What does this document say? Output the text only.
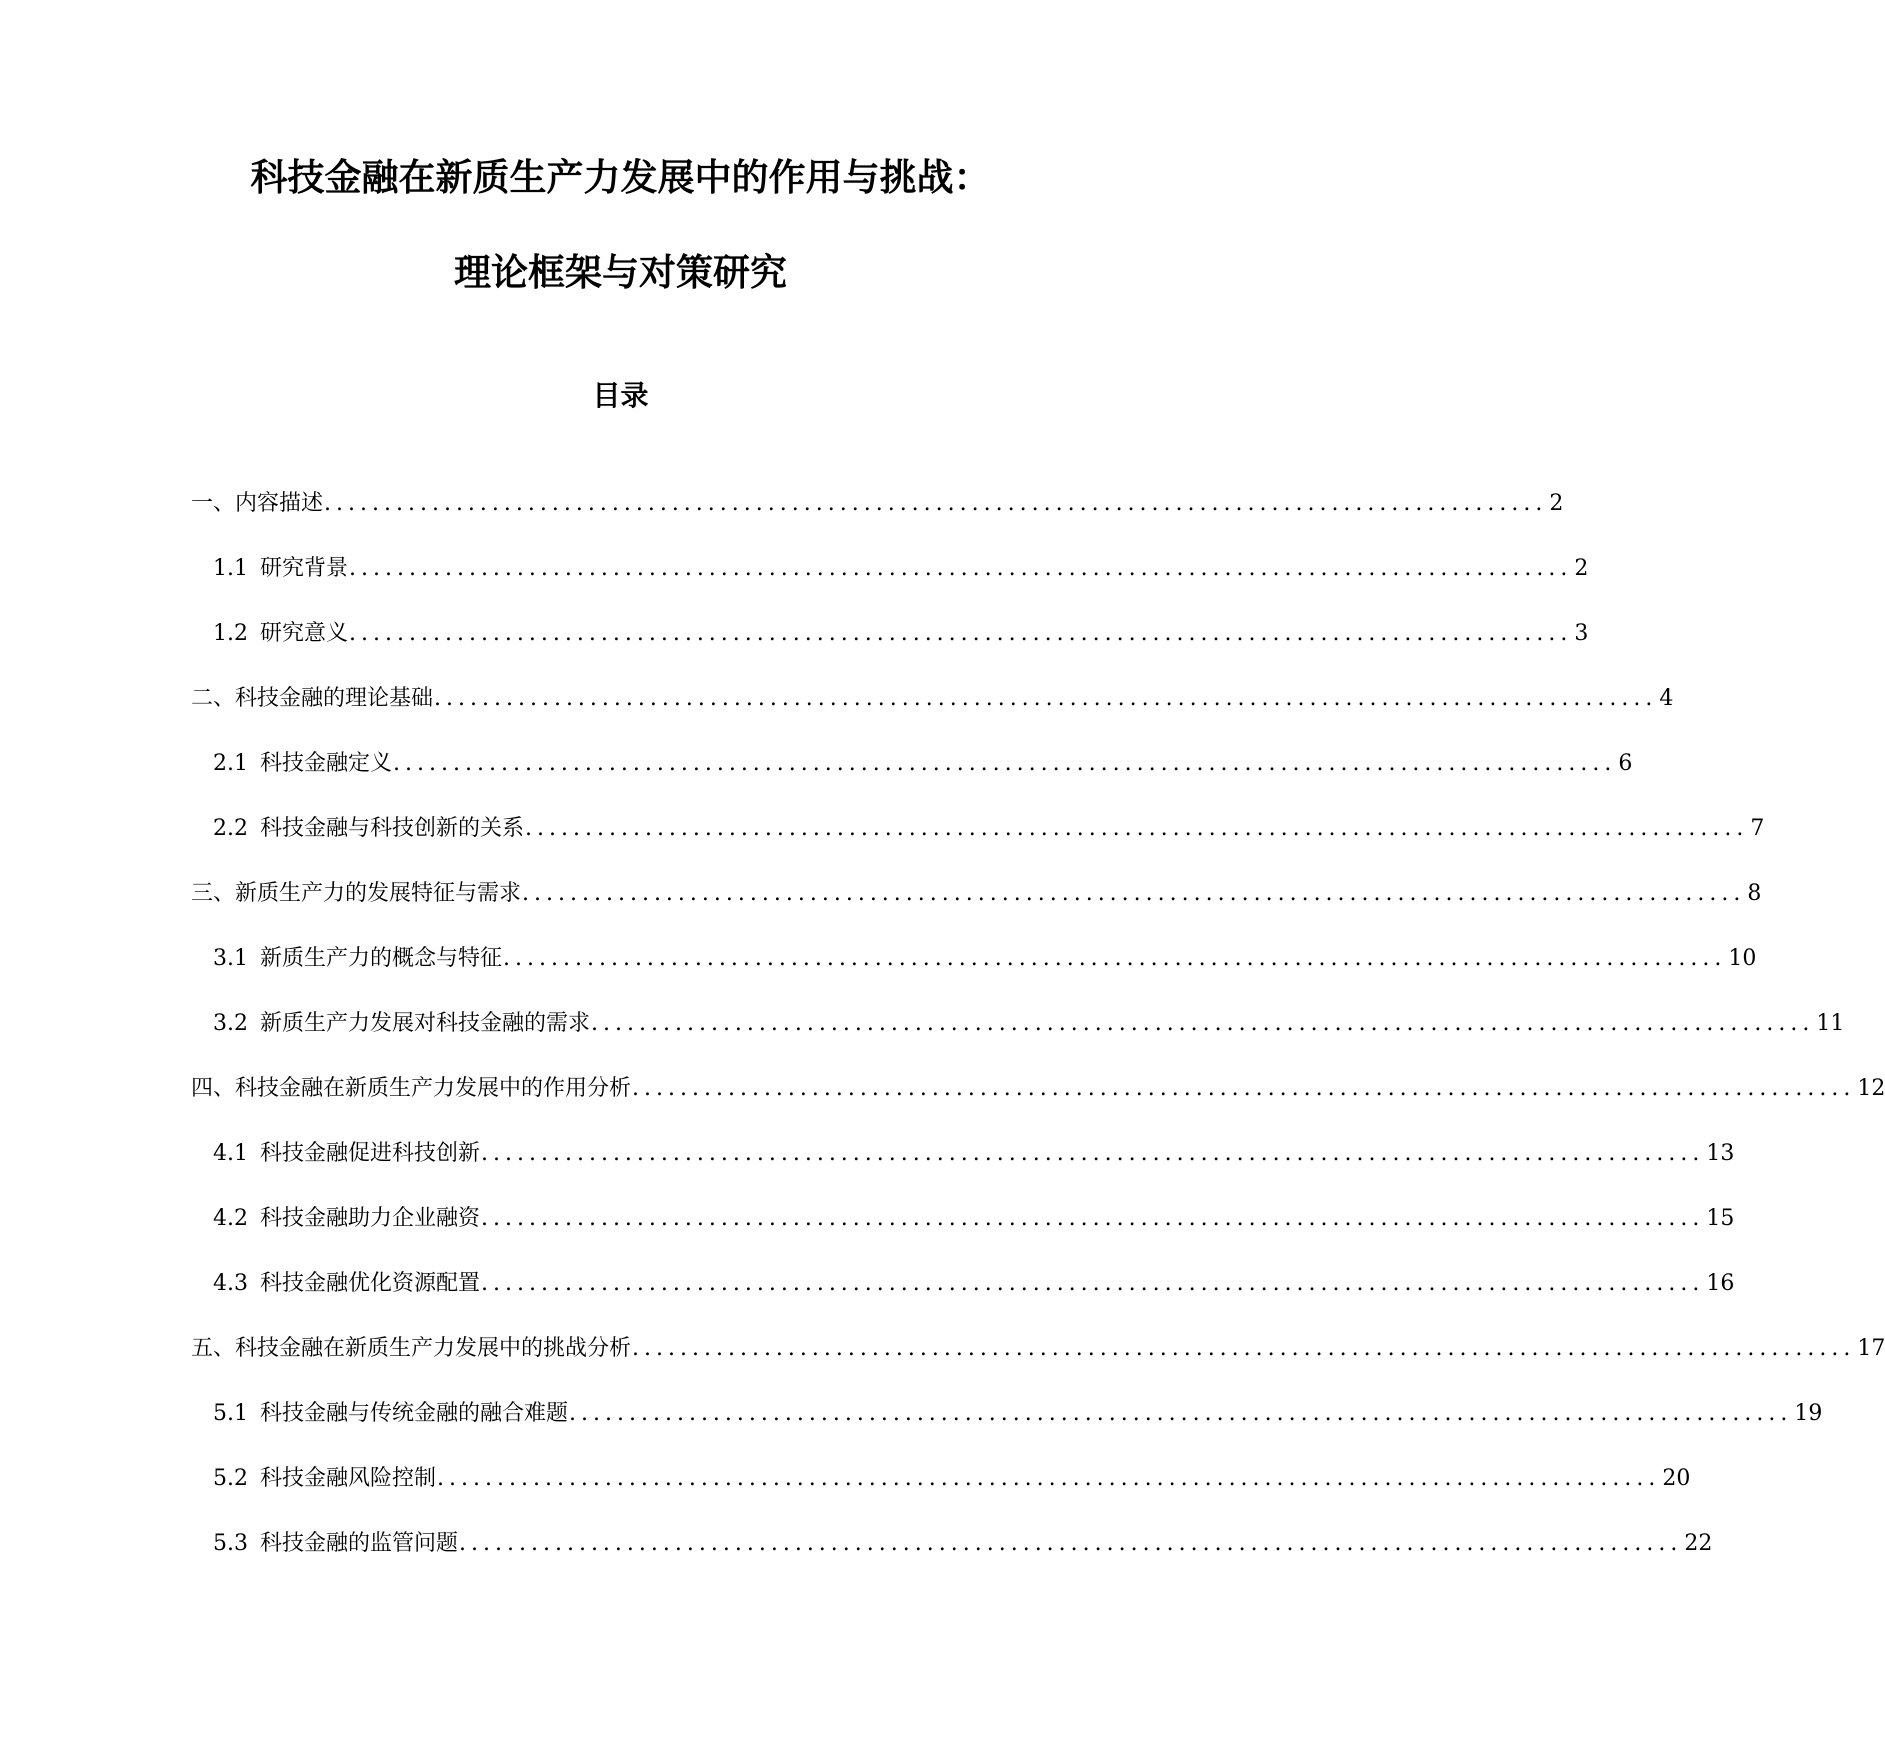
科技金融在新质生产力发展中的作用与挑战：
理论框架与对策研究
目录
一、内容描述 ...................................................................................................... 2
1.1 研究背景 ...................................................................................................... 2
1.2 研究意义 ...................................................................................................... 3
二、科技金融的理论基础 ...................................................................................................... 4
2.1 科技金融定义 ...................................................................................................... 6
2.2 科技金融与科技创新的关系 ...................................................................................................... 7
三、新质生产力的发展特征与需求 ...................................................................................................... 8
3.1 新质生产力的概念与特征 ...................................................................................................... 10
3.2 新质生产力发展对科技金融的需求 ...................................................................................................... 11
四、科技金融在新质生产力发展中的作用分析 ...................................................................................................... 12
4.1 科技金融促进科技创新 ...................................................................................................... 13
4.2 科技金融助力企业融资 ...................................................................................................... 15
4.3 科技金融优化资源配置 ...................................................................................................... 16
五、科技金融在新质生产力发展中的挑战分析 ...................................................................................................... 17
5.1 科技金融与传统金融的融合难题 ...................................................................................................... 19
5.2 科技金融风险控制 ...................................................................................................... 20
5.3 科技金融的监管问题 ...................................................................................................... 22
